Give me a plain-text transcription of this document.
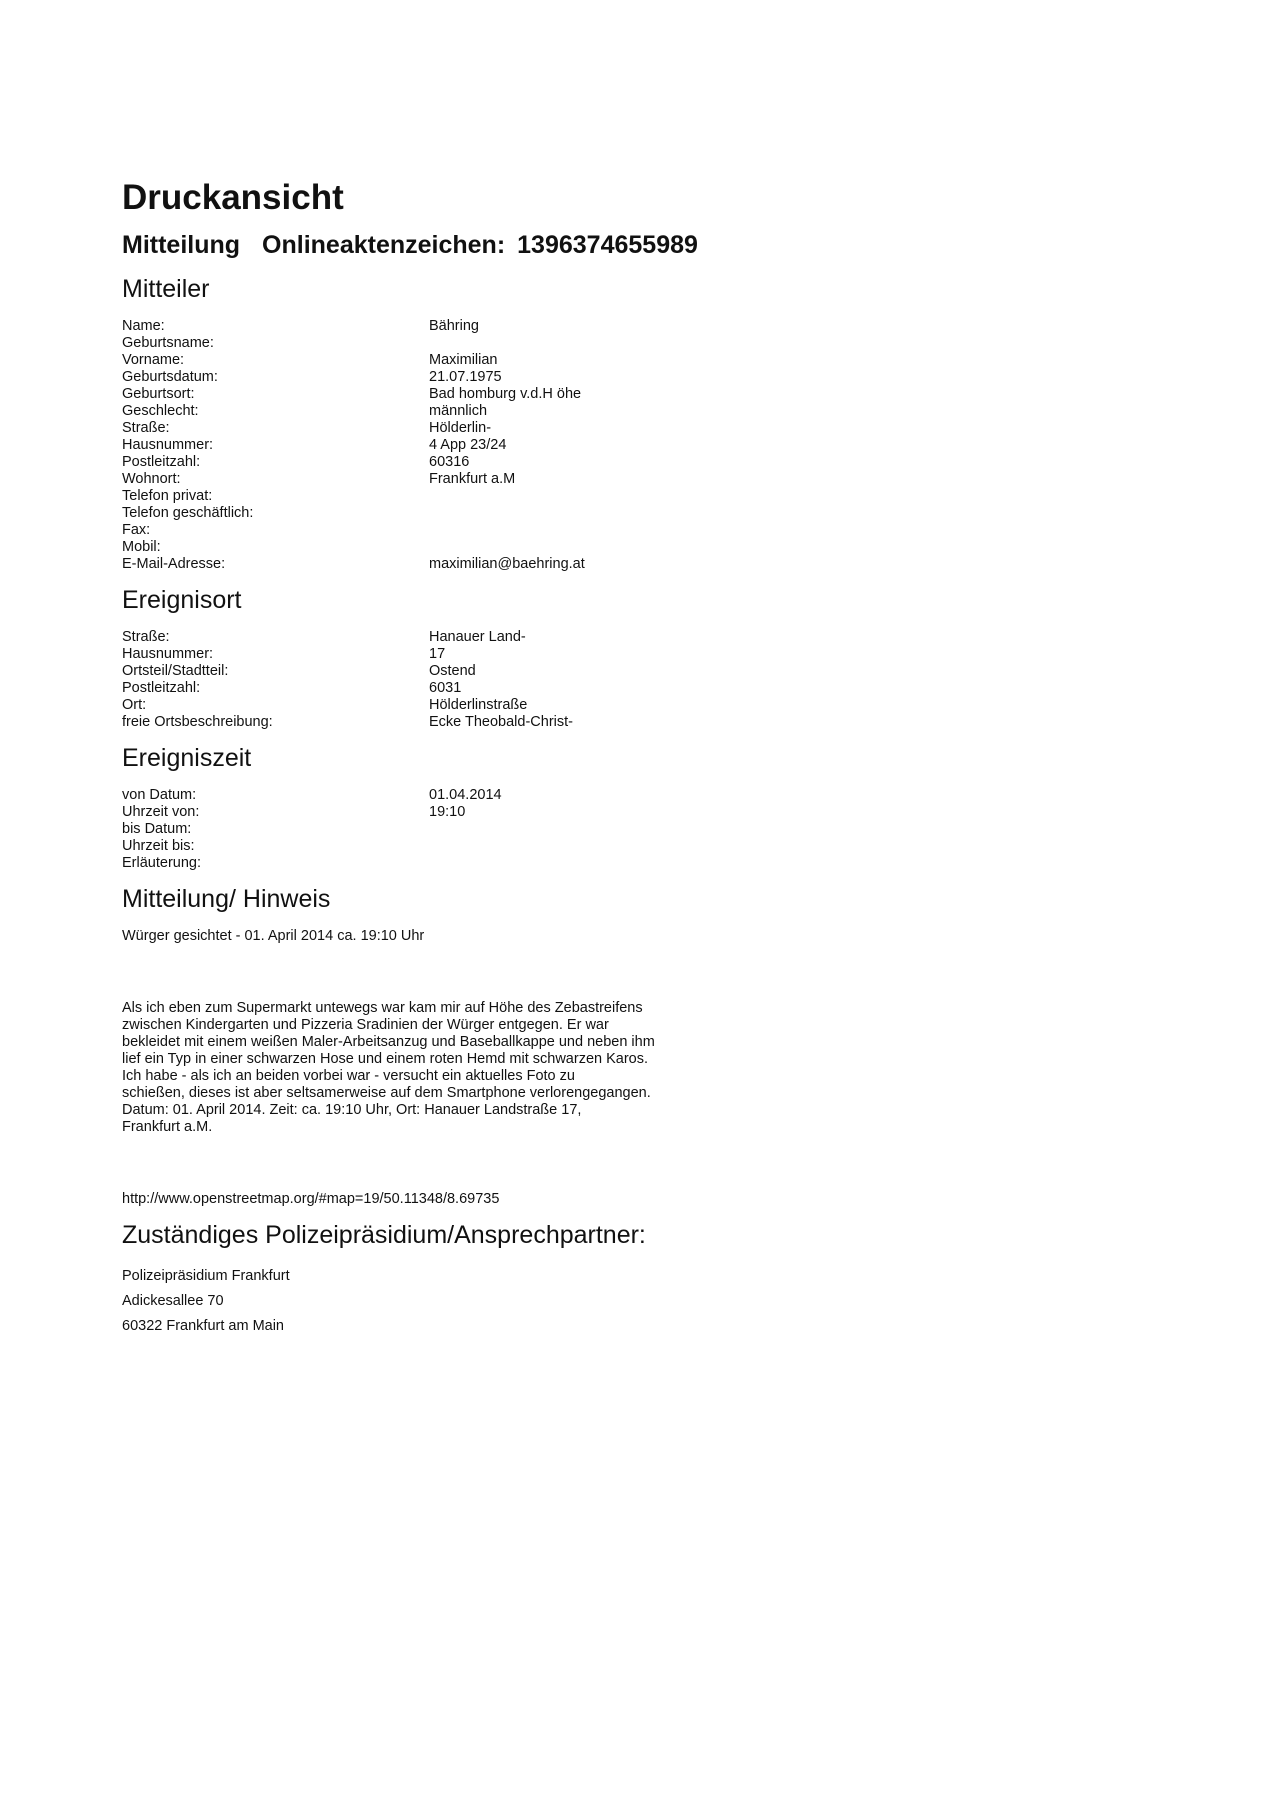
Druckansicht
Mitteilung Onlineaktenzeichen: 1396374655989
Mitteiler
Name:	Bähring
Geburtsname:
Vorname:	Maximilian
Geburtsdatum:	21.07.1975
Geburtsort:	Bad homburg v.d.H öhe
Geschlecht:	männlich
Straße:	Hölderlin-
Hausnummer:	4 App 23/24
Postleitzahl:	60316
Wohnort:	Frankfurt a.M
Telefon privat:
Telefon geschäftlich:
Fax:
Mobil:
E-Mail-Adresse:	maximilian@baehring.at
Ereignisort
Straße:	Hanauer Land-
Hausnummer:	17
Ortsteil/Stadtteil:	Ostend
Postleitzahl:	6031
Ort:	Hölderlinstraße
freie Ortsbeschreibung:	Ecke Theobald-Christ-
Ereigniszeit
von Datum:	01.04.2014
Uhrzeit von:	19:10
bis Datum:
Uhrzeit bis:
Erläuterung:
Mitteilung/ Hinweis

Würger gesichtet - 01. April 2014 ca. 19:10 Uhr

Als ich eben zum Supermarkt untewegs war kam mir auf Höhe des Zebastreifens

zwischen Kindergarten und Pizzeria Sradinien der Würger entgegen. Er war

bekleidet mit einem weißen Maler-Arbeitsanzug und Baseballkappe und neben ihm

lief ein Typ in einer schwarzen Hose und einem roten Hemd mit schwarzen Karos.

Ich habe - als ich an beiden vorbei war - versucht ein aktuelles Foto zu

schießen, dieses ist aber seltsamerweise auf dem Smartphone verlorengegangen.

Datum: 01. April 2014. Zeit: ca. 19:10 Uhr, Ort: Hanauer Landstraße 17,

Frankfurt a.M.

http://www.openstreetmap.org/#map=19/50.11348/8.69735
Zuständiges Polizeipräsidium/Ansprechpartner:
Polizeipräsidium Frankfurt
Adickesallee 70
60322 Frankfurt am Main
